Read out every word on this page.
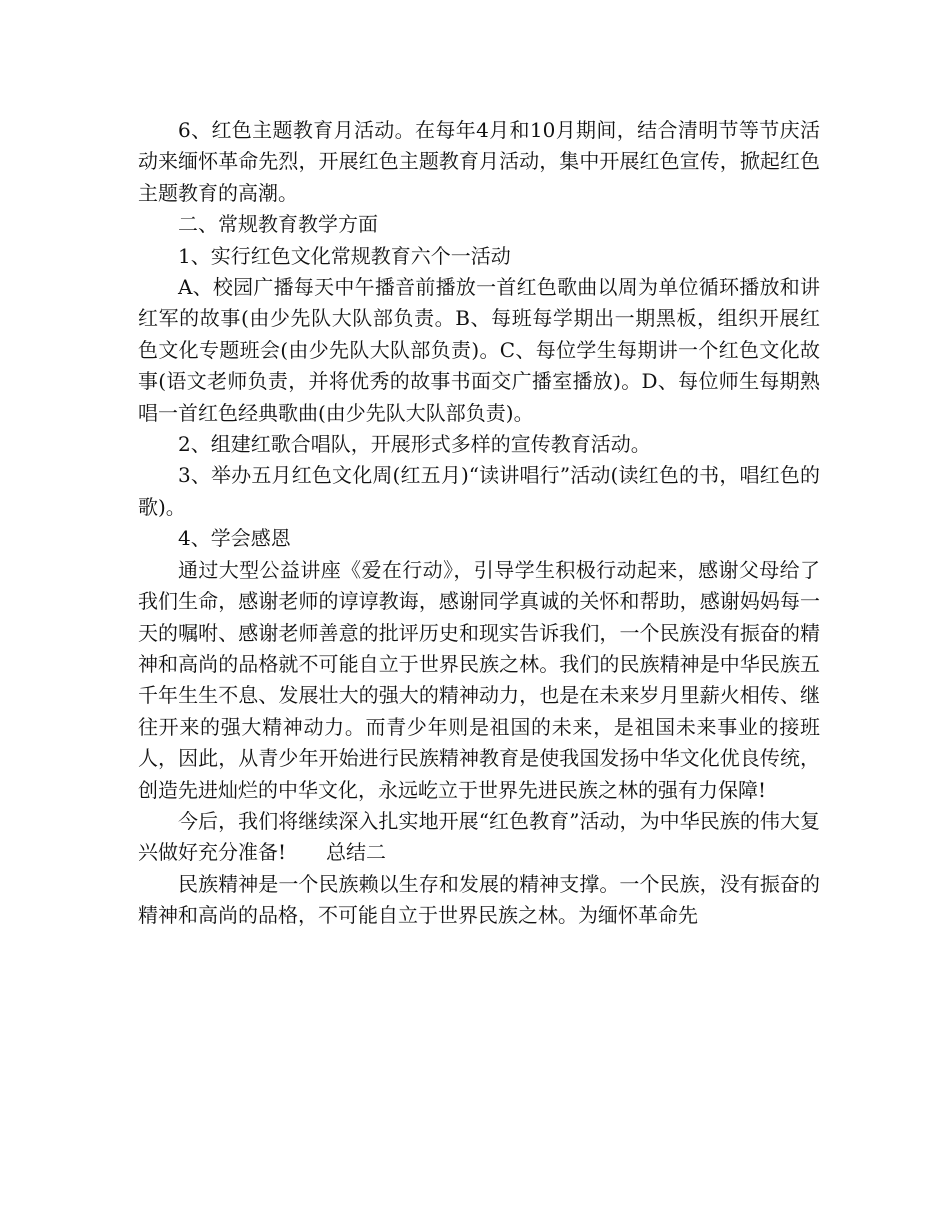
6、红色主题教育月活动。在每年4月和10月期间，结合清明节等节庆活动来缅怀革命先烈，开展红色主题教育月活动，集中开展红色宣传，掀起红色主题教育的高潮。

二、常规教育教学方面

1、实行红色文化常规教育六个一活动

A、校园广播每天中午播音前播放一首红色歌曲以周为单位循环播放和讲红军的故事(由少先队大队部负责。B、每班每学期出一期黑板，组织开展红色文化专题班会(由少先队大队部负责)。C、每位学生每期讲一个红色文化故事(语文老师负责，并将优秀的故事书面交广播室播放)。D、每位师生每期熟唱一首红色经典歌曲(由少先队大队部负责)。

2、组建红歌合唱队，开展形式多样的宣传教育活动。

3、举办五月红色文化周(红五月)“读讲唱行”活动(读红色的书，唱红色的歌)。

4、学会感恩

通过大型公益讲座《爱在行动》，引导学生积极行动起来，感谢父母给了我们生命，感谢老师的谆谆教诲，感谢同学真诚的关怀和帮助，感谢妈妈每一天的嘱咐、感谢老师善意的批评历史和现实告诉我们，一个民族没有振奋的精神和高尚的品格就不可能自立于世界民族之林。我们的民族精神是中华民族五千年生生不息、发展壮大的强大的精神动力，也是在未来岁月里薪火相传、继往开来的强大精神动力。而青少年则是祖国的未来，是祖国未来事业的接班人，因此，从青少年开始进行民族精神教育是使我国发扬中华文化优良传统，创造先进灿烂的中华文化，永远屹立于世界先进民族之林的强有力保障!

今后，我们将继续深入扎实地开展“红色教育”活动，为中华民族的伟大复兴做好充分准备!　　总结二

民族精神是一个民族赖以生存和发展的精神支撑。一个民族，没有振奋的精神和高尚的品格，不可能自立于世界民族之林。为缅怀革命先
